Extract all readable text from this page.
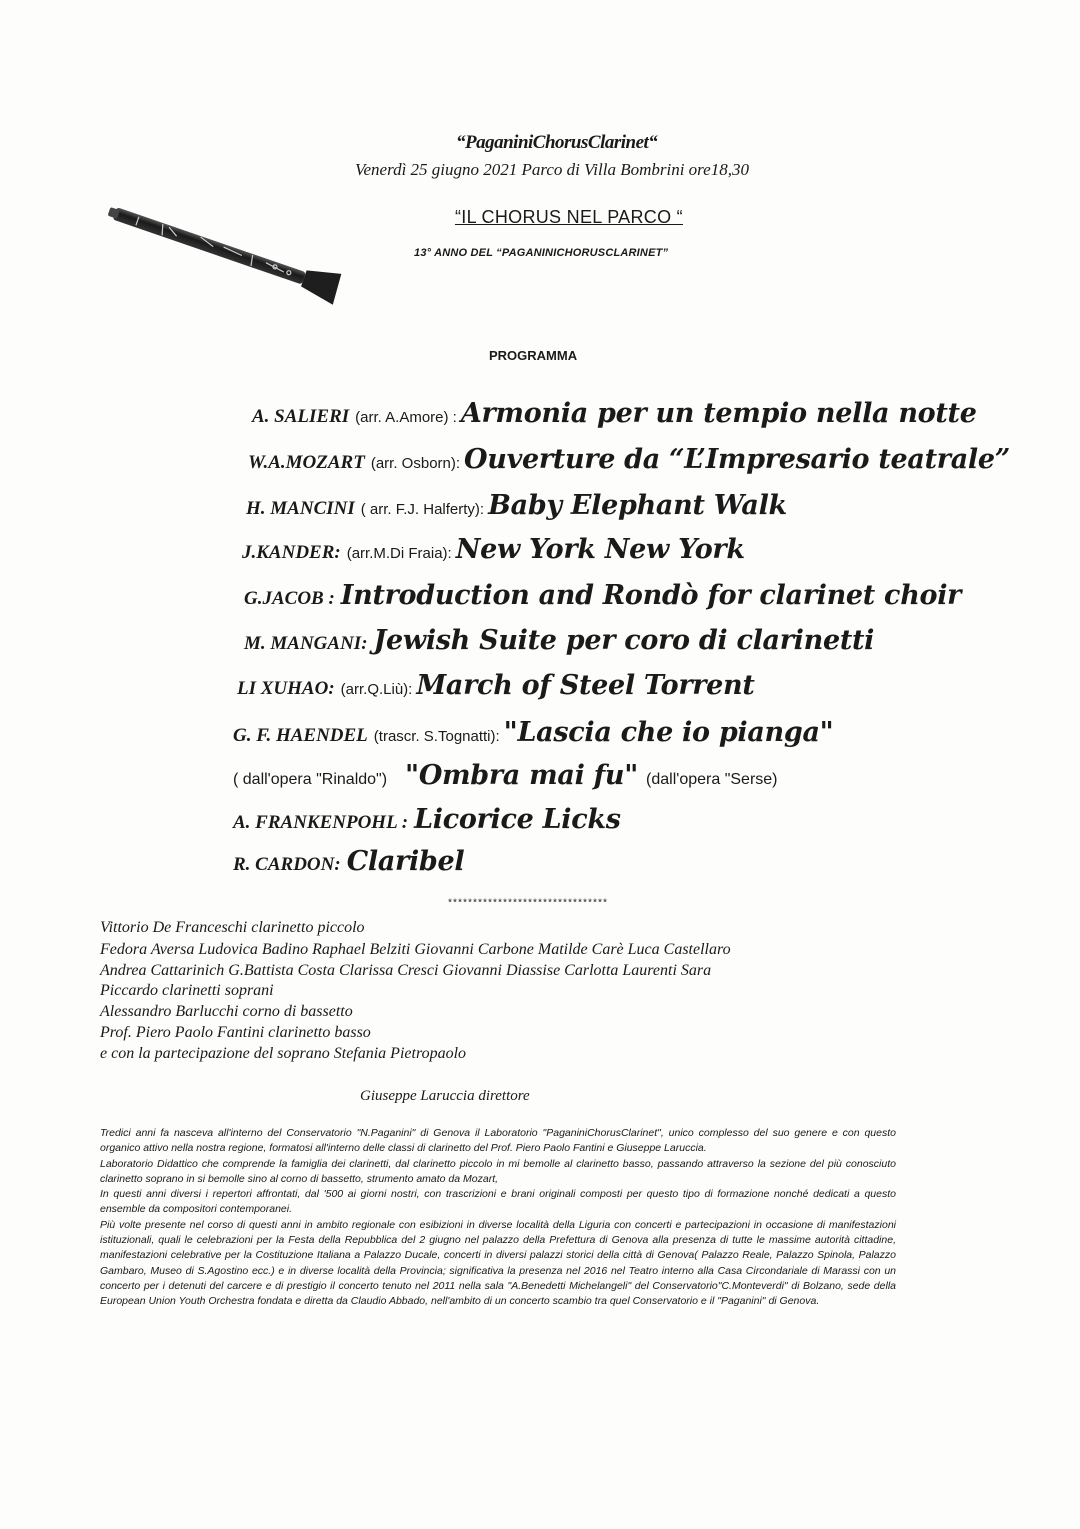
“PaganiniChorusClarinet“
Venerdì 25 giugno 2021 Parco di Villa Bombrini ore18,30
“IL CHORUS NEL PARCO “
13° ANNO DEL “PAGANINICHORUSCLARINET”
PROGRAMMA
A. SALIERI (arr. A.Amore) : Armonia per un tempio nella notte
W.A.MOZART (arr. Osborn): Ouverture da “L’Impresario teatrale”
H. MANCINI ( arr. F.J. Halferty): Baby Elephant Walk
J.KANDER: (arr.M.Di Fraia): New York New York
G.JACOB : Introduction and Rondò for clarinet choir
M. MANGANI: Jewish Suite per coro di clarinetti
LI XUHAO: (arr.Q.Liù): March of Steel Torrent
G. F. HAENDEL (trascr. S.Tognatti): "Lascia che io pianga"
( dall'opera "Rinaldo") "Ombra mai fu" (dall'opera "Serse)
A. FRANKENPOHL : Licorice Licks
R. CARDON: Claribel
********************************
Vittorio De Franceschi clarinetto piccolo
Fedora Aversa Ludovica Badino Raphael Belziti Giovanni Carbone Matilde Carè Luca Castellaro
Andrea Cattarinich G.Battista Costa Clarissa Cresci Giovanni Diassise Carlotta Laurenti Sara
Piccardo clarinetti soprani
Alessandro Barlucchi corno di bassetto
Prof. Piero Paolo Fantini clarinetto basso
e con la partecipazione del soprano Stefania Pietropaolo
Giuseppe Laruccia direttore

Tredici anni fa nasceva all'interno del Conservatorio "N.Paganini" di Genova il Laboratorio "PaganiniChorusClarinet", unico complesso del suo genere e con questo organico attivo nella nostra regione, formatosi all'interno delle classi di clarinetto del Prof. Piero Paolo Fantini e Giuseppe Laruccia.

Laboratorio Didattico che comprende la famiglia dei clarinetti, dal clarinetto piccolo in mi bemolle al clarinetto basso, passando attraverso la sezione del più conosciuto clarinetto soprano in si bemolle sino al corno di bassetto, strumento amato da Mozart,

In questi anni diversi i repertori affrontati, dal '500 ai giorni nostri, con trascrizioni e brani originali composti per questo tipo di formazione nonché dedicati a questo ensemble da compositori contemporanei.

Più volte presente nel corso di questi anni in ambito regionale con esibizioni in diverse località della Liguria con concerti e partecipazioni in occasione di manifestazioni istituzionali, quali le celebrazioni per la Festa della Repubblica del 2 giugno nel palazzo della Prefettura di Genova alla presenza di tutte le massime autorità cittadine, manifestazioni celebrative per la Costituzione Italiana a Palazzo Ducale, concerti in diversi palazzi storici della città di Genova( Palazzo Reale, Palazzo Spinola, Palazzo Gambaro, Museo di S.Agostino ecc.) e in diverse località della Provincia; significativa la presenza nel 2016 nel Teatro interno alla Casa Circondariale di Marassi con un concerto per i detenuti del carcere e di prestigio il concerto tenuto nel 2011 nella sala "A.Benedetti Michelangeli" del Conservatorio"C.Monteverdi" di Bolzano, sede della European Union Youth Orchestra fondata e diretta da Claudio Abbado, nell'ambito di un concerto scambio tra quel Conservatorio e il "Paganini" di Genova.
